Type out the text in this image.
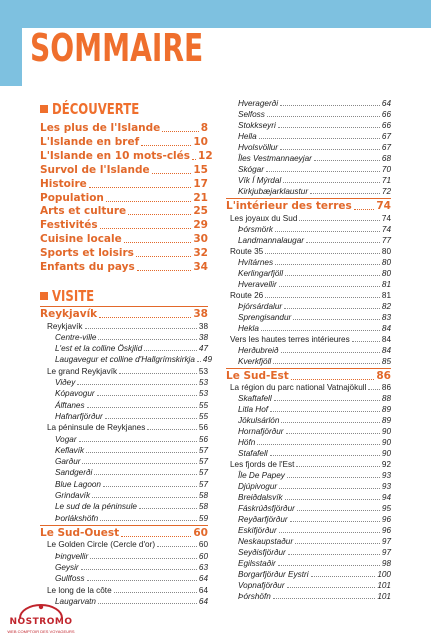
SOMMAIRE
DÉCOUVERTE
Les plus de l'Islande	8
L'Islande en bref	10
L'Islande en 10 mots-clés 12
Survol de l'Islande	15
Histoire	17
Population	21
Arts et culture	25
Festivités	29
Cuisine locale	30
Sports et loisirs	32
Enfants du pays	34
VISITE
Reykjavík	38
Reykjavík	38
Centre-ville	38
L'est et la colline Öskjlid	47
Laugavegur et colline d'Hallgrímskirkja 49
Le grand Reykjavík	53
Viðey	53
Kópavogur	53
Álftanes	55
Hafnarfjörður	55
La péninsule de Reykjanes	56
Vogar	56
Keflavík	57
Garður	57
Sandgerði	57
Blue Lagoon	57
Grindavík	58
Le sud de la péninsule	58
Þorlákshöfn	59
Le Sud-Ouest	60
Le Golden Circle (Cercle d'or)	60
Þingvellir	60
Geysir	63
Gullfoss	64
Le long de la côte	64
Laugarvatn	64
Hveragerði	64
Selfoss	66
Stokkseyri	66
Hella	67
Hvolsvöllur	67
Îles Vestmannaeyjar	68
Skógar	70
Vík Í Mýrdal	71
Kirkjubæjarklaustur	72
L'intérieur des terres 74
Les joyaux du Sud	74
Þórsmörk	74
Landmannalaugar	77
Route 35	80
Hvítárnes	80
Kerlingarfjöll	80
Hveravellir	81
Route 26	81
Þjórsárdalur	82
Sprengisandur	83
Hekla	84
Vers les hautes terres intérieures	84
Herðubreið	84
Kverkfjöll	85
Le Sud-Est	86
La région du parc national Vatnajökull 86
Skaftafell	88
Litla Hof	89
Jökulsárlón	89
Hornafjörður	90
Höfn	90
Stafafell	90
Les fjords de l'Est	92
Île De Papey	93
Djúpivogur	93
Breiðdalsvík	94
Fáskrúðsfjörður	95
Reyðarfjörður	96
Eskifjörður	96
Neskaupstaður	97
Seyðisfjörður	97
Egilsstaðir	98
Borgarfjörður Eystri	100
Vopnafjörður	101
Þórshöfn	101
NOSTROMO
WEB COMPTOIR DES VOYAGEURS
